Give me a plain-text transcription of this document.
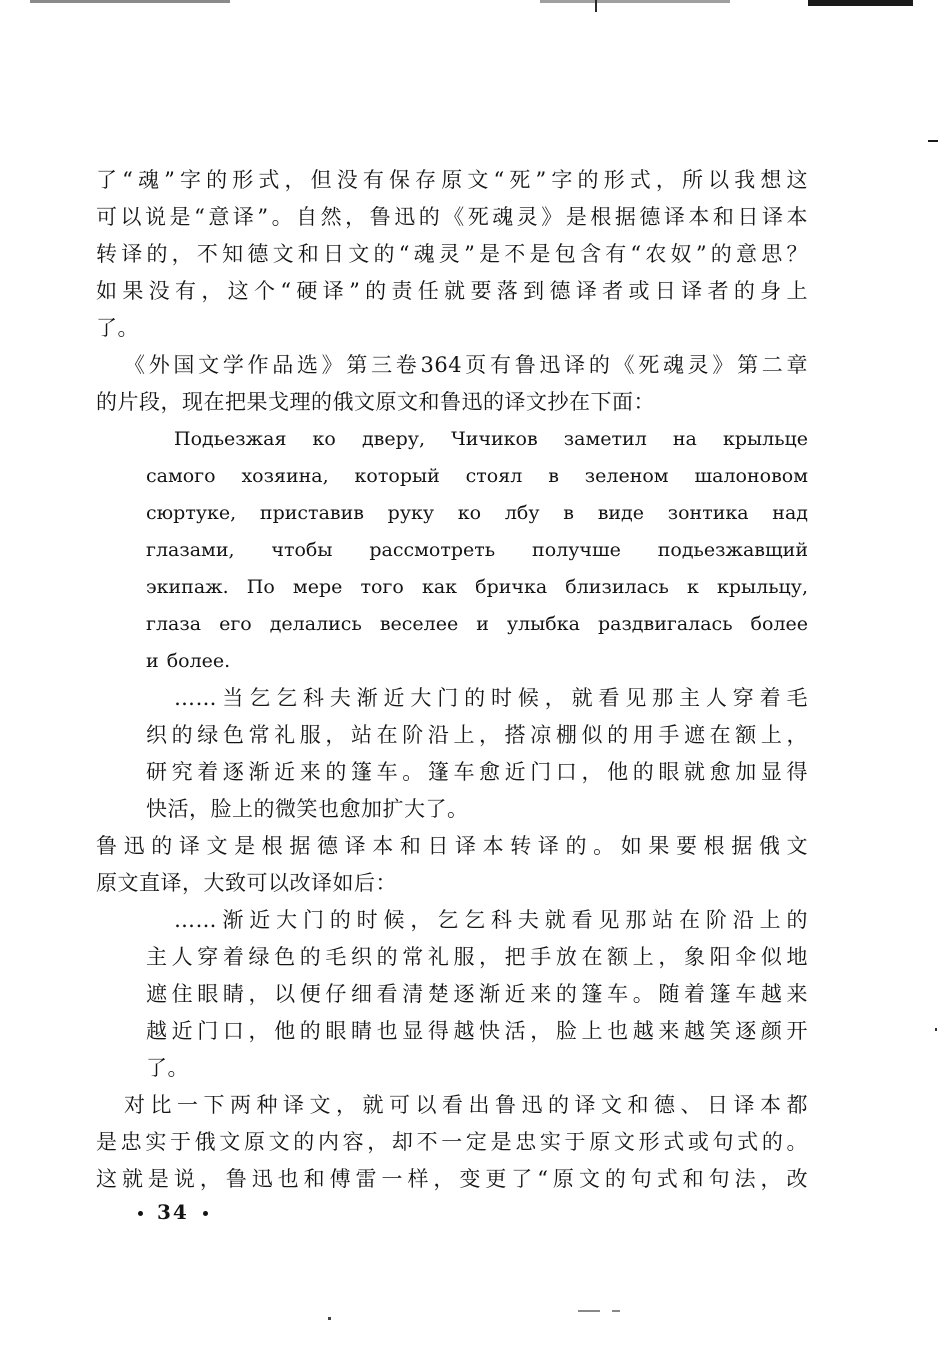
了“魂”字的形式，但没有保存原文“死”字的形式，所以我想这
可以说是“意译”。自然，鲁迅的《死魂灵》是根据德译本和日译本
转译的，不知德文和日文的“魂灵”是不是包含有“农奴”的意思？
如果没有，这个“硬译”的责任就要落到德译者或日译者的身上
了。
《外国文学作品选》第三卷364页有鲁迅译的《死魂灵》第二章
的片段，现在把果戈理的俄文原文和鲁迅的译文抄在下面：
Подьезжая ко дверу, Чичиков заметил на крыльце
самого хозяина, который стоял в зеленом шалоновом
сюртуке, приставив руку ко лбу в виде зонтика над
глазами, чтобы рассмотреть получше подьезжавщий
экипаж. По мере того как бричка близилась к крыльцу,
глаза его делались веселее и улыбка раздвигалась более
и более.
……当乞乞科夫渐近大门的时候，就看见那主人穿着毛
织的绿色常礼服，站在阶沿上，搭凉棚似的用手遮在额上，
研究着逐渐近来的篷车。篷车愈近门口，他的眼就愈加显得
快活，脸上的微笑也愈加扩大了。
鲁迅的译文是根据德译本和日译本转译的。如果要根据俄文
原文直译，大致可以改译如后：
……渐近大门的时候，乞乞科夫就看见那站在阶沿上的
主人穿着绿色的毛织的常礼服，把手放在额上，象阳伞似地
遮住眼睛，以便仔细看清楚逐渐近来的篷车。随着篷车越来
越近门口，他的眼睛也显得越快活，脸上也越来越笑逐颜开
了。
对比一下两种译文，就可以看出鲁迅的译文和德、日译本都
是忠实于俄文原文的内容，却不一定是忠实于原文形式或句式的。
这就是说，鲁迅也和傅雷一样，变更了“原文的句式和句法，改
34
